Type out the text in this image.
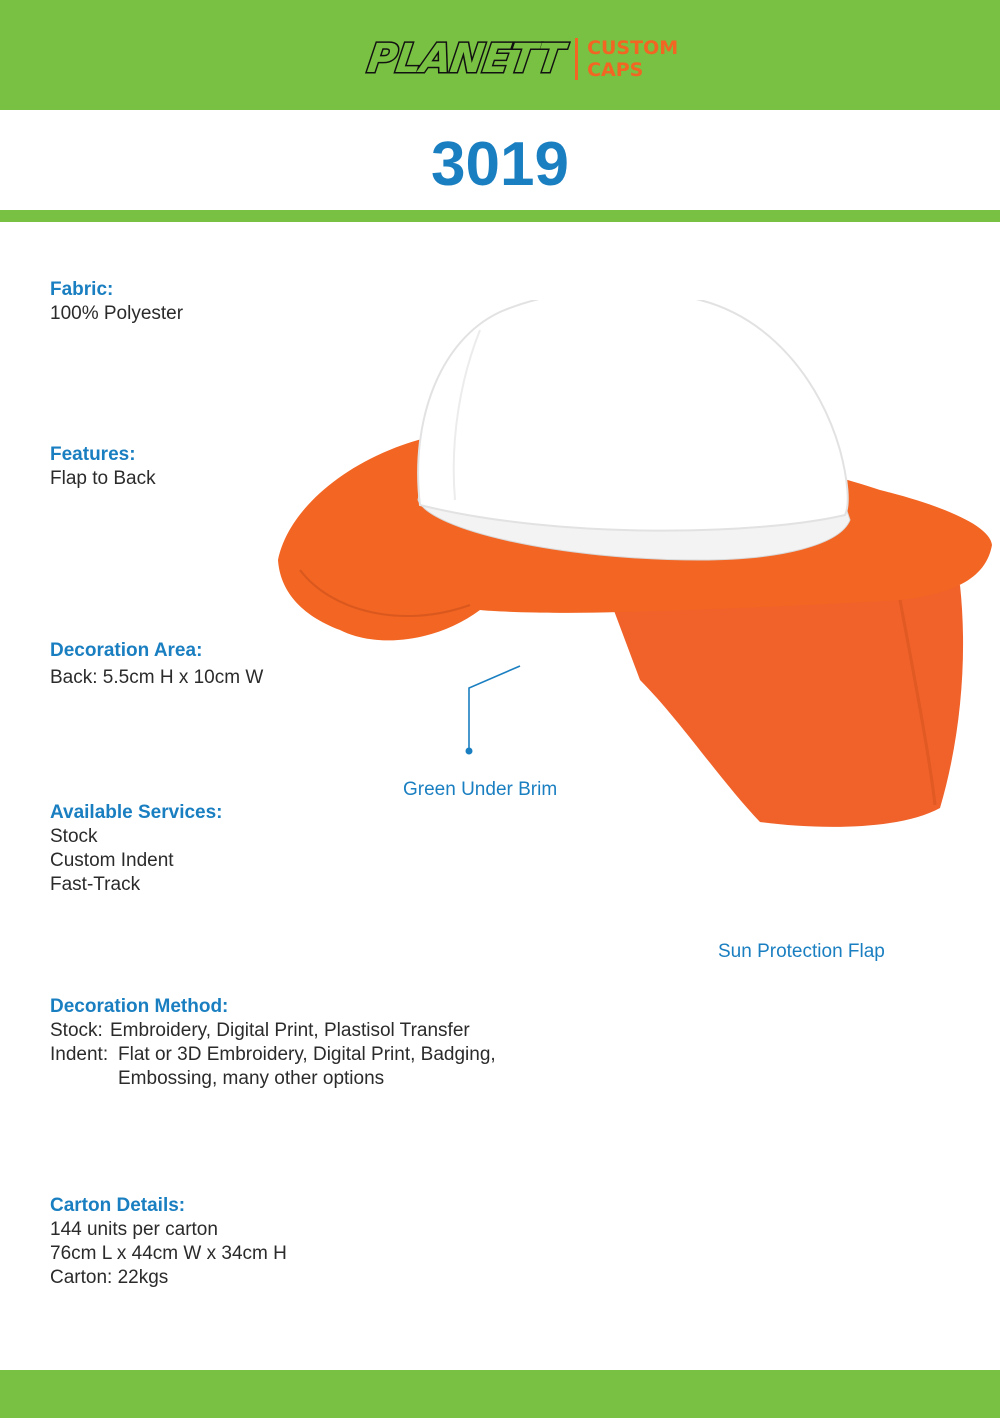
PLANETT CUSTOM
CAPS
3019
Fabric:
100% Polyester
Features:
Flap to Back
Decoration Area:
Back: 5.5cm H x 10cm W
Available Services:
Stock
Custom Indent
Fast-Track
Decoration Method:
Stock: Embroidery, Digital Print, Plastisol Transfer
Indent: Flat or 3D Embroidery, Digital Print, Badging,
Embossing, many other options
Carton Details:
144 units per carton
76cm L x 44cm W x 34cm H
Carton: 22kgs
Green Under Brim
Sun Protection Flap
